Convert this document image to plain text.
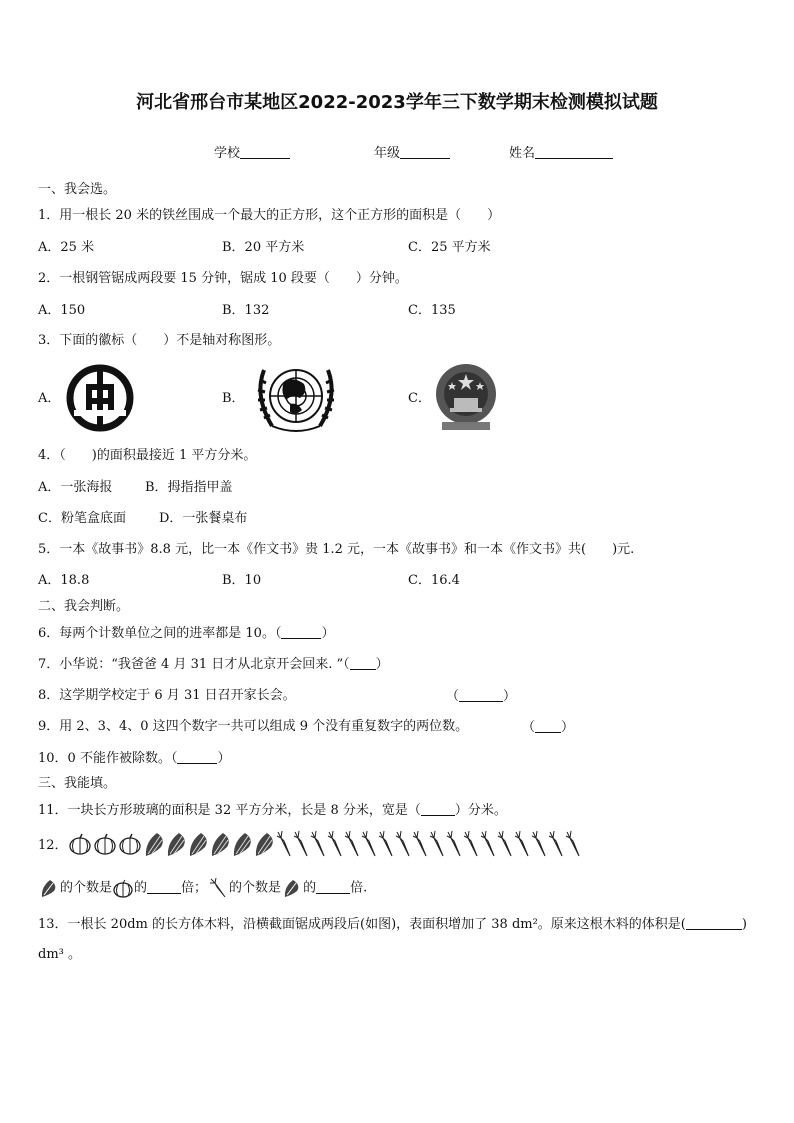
河北省邢台市某地区2022-2023学年三下数学期末检测模拟试题
学校	年级	姓名
一、我会选。
1．用一根长 20 米的铁丝围成一个最大的正方形，这个正方形的面积是（　　）
A．25 米	B．20 平方米	C．25 平方米
2．一根钢管锯成两段要 15 分钟，锯成 10 段要（　　）分钟。
A．150	B．132	C．135
3．下面的徽标（　　）不是轴对称图形。
A．	B．	C．
4．（　　)的面积最接近 1 平方分米。
A．一张海报	B．拇指指甲盖
C．粉笔盒底面	D．一张餐桌布
5．一本《故事书》8.8 元，比一本《作文书》贵 1.2 元，一本《故事书》和一本《作文书》共(　　)元.
A．18.8	B．10	C．16.4
二、我会判断。
6．每两个计数单位之间的进率都是 10。（	）
7．小华说：“我爸爸 4 月 31 日才从北京开会回来. ”（ ）
8．这学期学校定于 6 月 31 日召开家长会。	（	）
9．用 2、3、4、0 这四个数字一共可以组成 9 个没有重复数字的两位数。	（ ）
10．0 不能作被除数。（	）
三、我能填。
11．一块长方形玻璃的面积是 32 平方分米，长是 8 分米，宽是（	）分米。
12．
的个数是 的	倍； 的个数是 的	倍.
13．一根长 20dm 的长方体木料，沿横截面锯成两段后(如图)，表面积增加了 38 dm²。原来这根木料的体积是(	)
dm³ 。
